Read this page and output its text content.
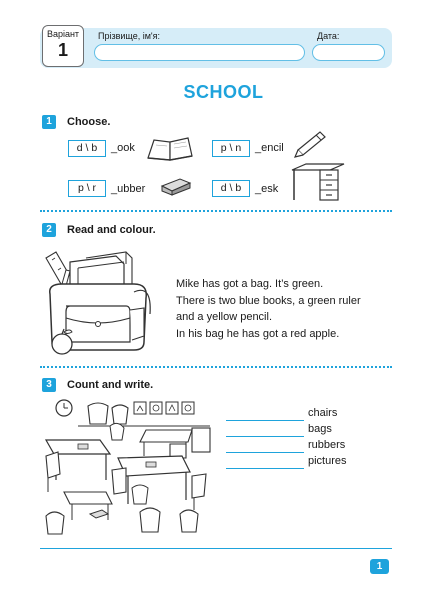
Варіант
1
Прізвище, ім'я:	Дата:
SCHOOL
1	Choose.
d \ b	_ook	p \ n	_encil
p \ r	_ubber	d \ b	_esk
2	Read and colour.
Mike has got a bag. It’s green.
There is two blue books, a green ruler
and a yellow pencil.
In his bag he has got a red apple.
3	Count and write.
chairs
bags
rubbers
pictures
1
